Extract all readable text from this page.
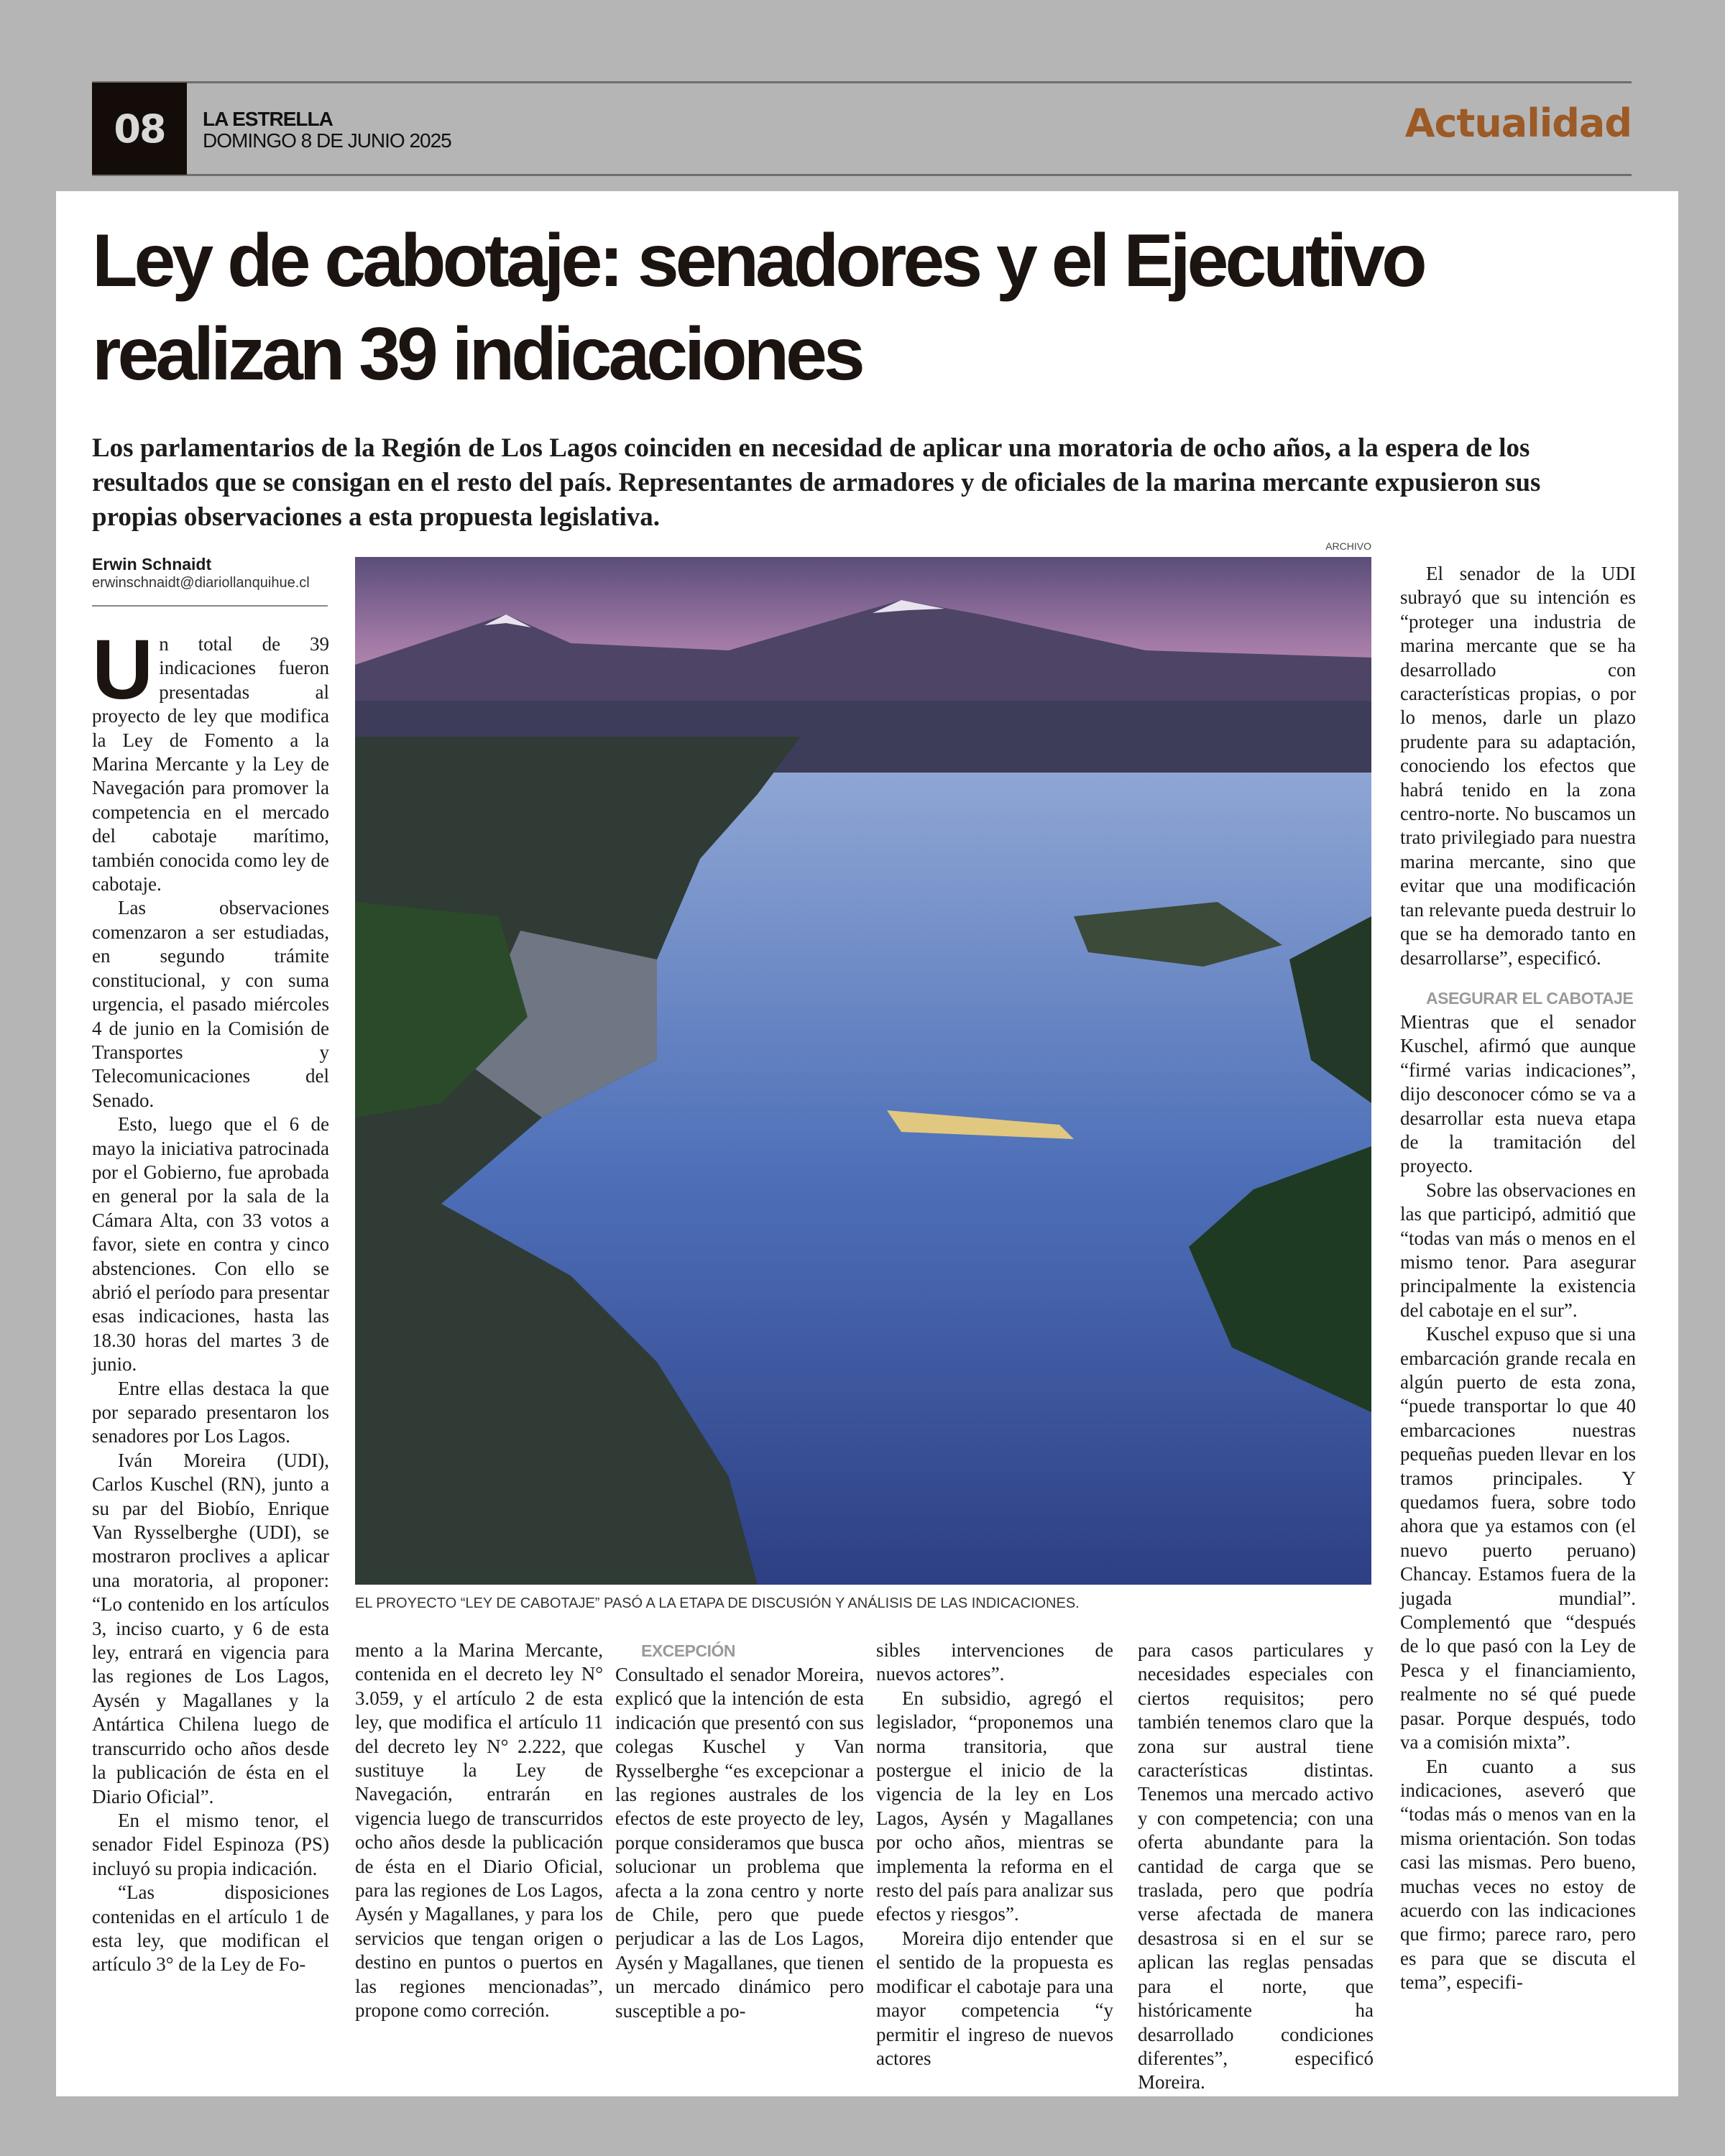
08	LA ESTRELLA
DOMINGO 8 DE JUNIO 2025	Actualidad
Ley de cabotaje: senadores y el Ejecutivo realizan 39 indicaciones

Los parlamentarios de la Región de Los Lagos coinciden en necesidad de aplicar una moratoria de ocho años, a la espera de los resultados que se consigan en el resto del país. Representantes de armadores y de oficiales de la marina mercante expusieron sus propias observaciones a esta propuesta legislativa.

Erwin Schnaidt
erwinschnaidt@diariollanquihue.cl
ARCHIVO
EL PROYECTO “LEY DE CABOTAJE” PASÓ A LA ETAPA DE DISCUSIÓN Y ANÁLISIS DE LAS INDICACIONES.

Un total de 39 indicaciones fueron presentadas al proyecto de ley que modifica la Ley de Fomento a la Marina Mercante y la Ley de Navegación para promover la competencia en el mercado del cabotaje marítimo, también conocida como ley de cabotaje.

Las observaciones comenzaron a ser estudiadas, en segundo trámite constitucional, y con suma urgencia, el pasado miércoles 4 de junio en la Comisión de Transportes y Telecomunicaciones del Senado.

Esto, luego que el 6 de mayo la iniciativa patrocinada por el Gobierno, fue aprobada en general por la sala de la Cámara Alta, con 33 votos a favor, siete en contra y cinco abstenciones. Con ello se abrió el período para presentar esas indicaciones, hasta las 18.30 horas del martes 3 de junio.

Entre ellas destaca la que por separado presentaron los senadores por Los Lagos.

Iván Moreira (UDI), Carlos Kuschel (RN), junto a su par del Biobío, Enrique Van Rysselberghe (UDI), se mostraron proclives a aplicar una moratoria, al proponer: “Lo contenido en los artículos 3, inciso cuarto, y 6 de esta ley, entrará en vigencia para las regiones de Los Lagos, Aysén y Magallanes y la Antártica Chilena luego de transcurrido ocho años desde la publicación de ésta en el Diario Oficial”.

En el mismo tenor, el senador Fidel Espinoza (PS) incluyó su propia indicación.

“Las disposiciones contenidas en el artículo 1 de esta ley, que modifican el artículo 3° de la Ley de Fo-

mento a la Marina Mercante, contenida en el decreto ley N° 3.059, y el artículo 2 de esta ley, que modifica el artículo 11 del decreto ley N° 2.222, que sustituye la Ley de Navegación, entrarán en vigencia luego de transcurridos ocho años desde la publicación de ésta en el Diario Oficial, para las regiones de Los Lagos, Aysén y Magallanes, y para los servicios que tengan origen o destino en puntos o puertos en las regiones mencionadas”, propone como correción.

EXCEPCIÓN

Consultado el senador Moreira, explicó que la intención de esta indicación que presentó con sus colegas Kuschel y Van Rysselberghe “es excepcionar a las regiones australes de los efectos de este proyecto de ley, porque consideramos que busca solucionar un problema que afecta a la zona centro y norte de Chile, pero que puede perjudicar a las de Los Lagos, Aysén y Magallanes, que tienen un mercado dinámico pero susceptible a po-

sibles intervenciones de nuevos actores”.

En subsidio, agregó el legislador, “proponemos una norma transitoria, que postergue el inicio de la vigencia de la ley en Los Lagos, Aysén y Magallanes por ocho años, mientras se implementa la reforma en el resto del país para analizar sus efectos y riesgos”.

Moreira dijo entender que el sentido de la propuesta es modificar el cabotaje para una mayor competencia “y permitir el ingreso de nuevos actores

para casos particulares y necesidades especiales con ciertos requisitos; pero también tenemos claro que la zona sur austral tiene características distintas. Tenemos una mercado activo y con competencia; con una oferta abundante para la cantidad de carga que se traslada, pero que podría verse afectada de manera desastrosa si en el sur se aplican las reglas pensadas para el norte, que históricamente ha desarrollado condiciones diferentes”, especificó Moreira.

El senador de la UDI subrayó que su intención es “proteger una industria de marina mercante que se ha desarrollado con características propias, o por lo menos, darle un plazo prudente para su adaptación, conociendo los efectos que habrá tenido en la zona centro-norte. No buscamos un trato privilegiado para nuestra marina mercante, sino que evitar que una modificación tan relevante pueda destruir lo que se ha demorado tanto en desarrollarse”, especificó.

ASEGURAR EL CABOTAJE

Mientras que el senador Kuschel, afirmó que aunque “firmé varias indicaciones”, dijo desconocer cómo se va a desarrollar esta nueva etapa de la tramitación del proyecto.

Sobre las observaciones en las que participó, admitió que “todas van más o menos en el mismo tenor. Para asegurar principalmente la existencia del cabotaje en el sur”.

Kuschel expuso que si una embarcación grande recala en algún puerto de esta zona, “puede transportar lo que 40 embarcaciones nuestras pequeñas pueden llevar en los tramos principales. Y quedamos fuera, sobre todo ahora que ya estamos con (el nuevo puerto peruano) Chancay. Estamos fuera de la jugada mundial”. Complementó que “después de lo que pasó con la Ley de Pesca y el financiamiento, realmente no sé qué puede pasar. Porque después, todo va a comisión mixta”.

En cuanto a sus indicaciones, aseveró que “todas más o menos van en la misma orientación. Son todas casi las mismas. Pero bueno, muchas veces no estoy de acuerdo con las indicaciones que firmo; parece raro, pero es para que se discuta el tema”, especifi-
